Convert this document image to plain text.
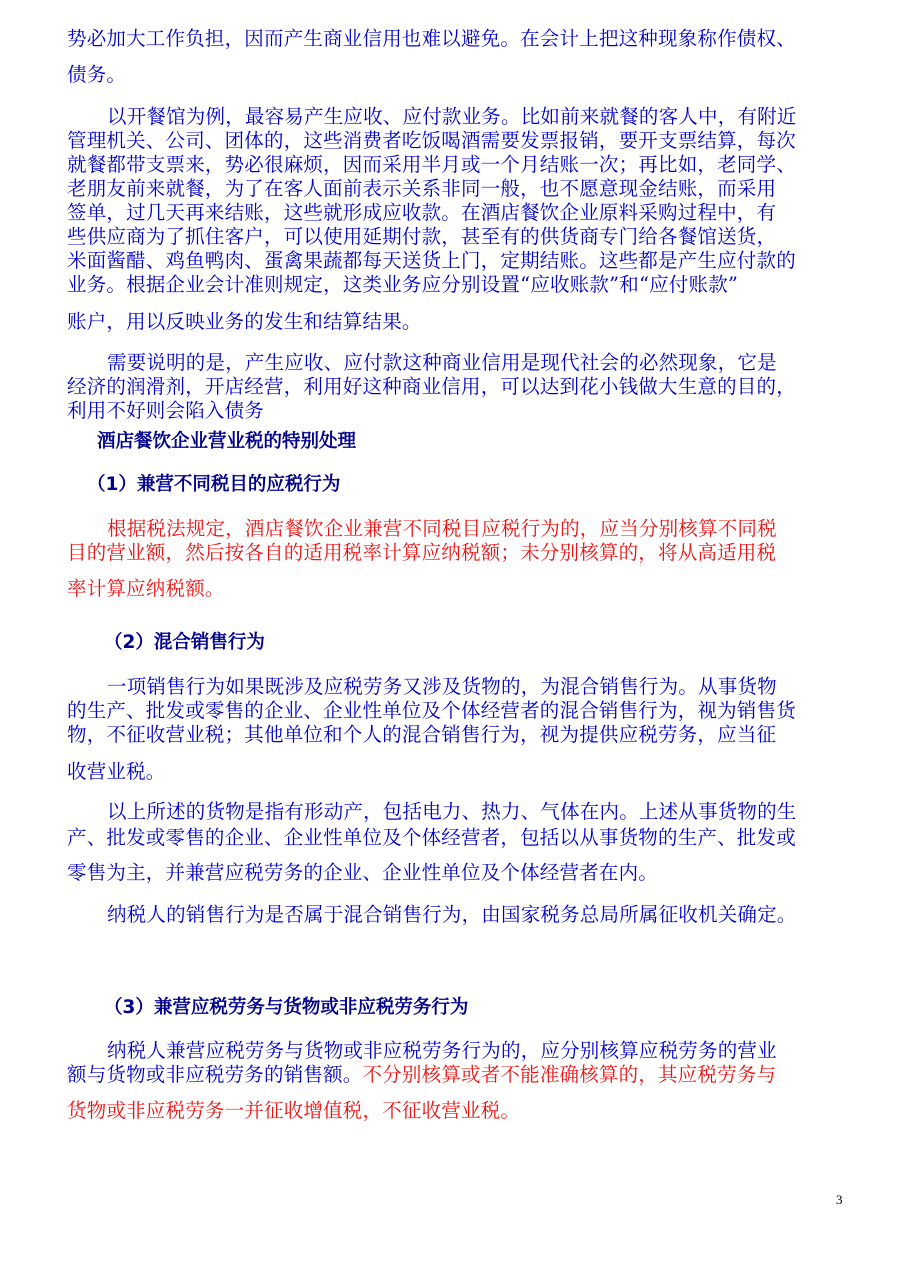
势必加大工作负担，因而产生商业信用也难以避免。在会计上把这种现象称作债权、
债务。
以开餐馆为例，最容易产生应收、应付款业务。比如前来就餐的客人中，有附近
管理机关、公司、团体的，这些消费者吃饭喝酒需要发票报销，要开支票结算，每次
就餐都带支票来，势必很麻烦，因而采用半月或一个月结账一次；再比如，老同学、
老朋友前来就餐，为了在客人面前表示关系非同一般，也不愿意现金结账，而采用
签单，过几天再来结账，这些就形成应收款。在酒店餐饮企业原料采购过程中，有
些供应商为了抓住客户，可以使用延期付款，甚至有的供货商专门给各餐馆送货，
米面酱醋、鸡鱼鸭肉、蛋禽果蔬都每天送货上门，定期结账。这些都是产生应付款的
业务。根据企业会计准则规定，这类业务应分别设置“应收账款”和“应付账款”
账户，用以反映业务的发生和结算结果。
需要说明的是，产生应收、应付款这种商业信用是现代社会的必然现象，它是
经济的润滑剂，开店经营，利用好这种商业信用，可以达到花小钱做大生意的目的，
利用不好则会陷入债务
酒店餐饮企业营业税的特别处理
（1）兼营不同税目的应税行为
根据税法规定，酒店餐饮企业兼营不同税目应税行为的，应当分别核算不同税
目的营业额，然后按各自的适用税率计算应纳税额；未分别核算的，将从高适用税
率计算应纳税额。
（2）混合销售行为
一项销售行为如果既涉及应税劳务又涉及货物的，为混合销售行为。从事货物
的生产、批发或零售的企业、企业性单位及个体经营者的混合销售行为，视为销售货
物，不征收营业税；其他单位和个人的混合销售行为，视为提供应税劳务，应当征
收营业税。
以上所述的货物是指有形动产，包括电力、热力、气体在内。上述从事货物的生
产、批发或零售的企业、企业性单位及个体经营者，包括以从事货物的生产、批发或
零售为主，并兼营应税劳务的企业、企业性单位及个体经营者在内。
纳税人的销售行为是否属于混合销售行为，由国家税务总局所属征收机关确定。
（3）兼营应税劳务与货物或非应税劳务行为
纳税人兼营应税劳务与货物或非应税劳务行为的，应分别核算应税劳务的营业
额与货物或非应税劳务的销售额。不分别核算或者不能准确核算的，其应税劳务与
货物或非应税劳务一并征收增值税，不征收营业税。
3
